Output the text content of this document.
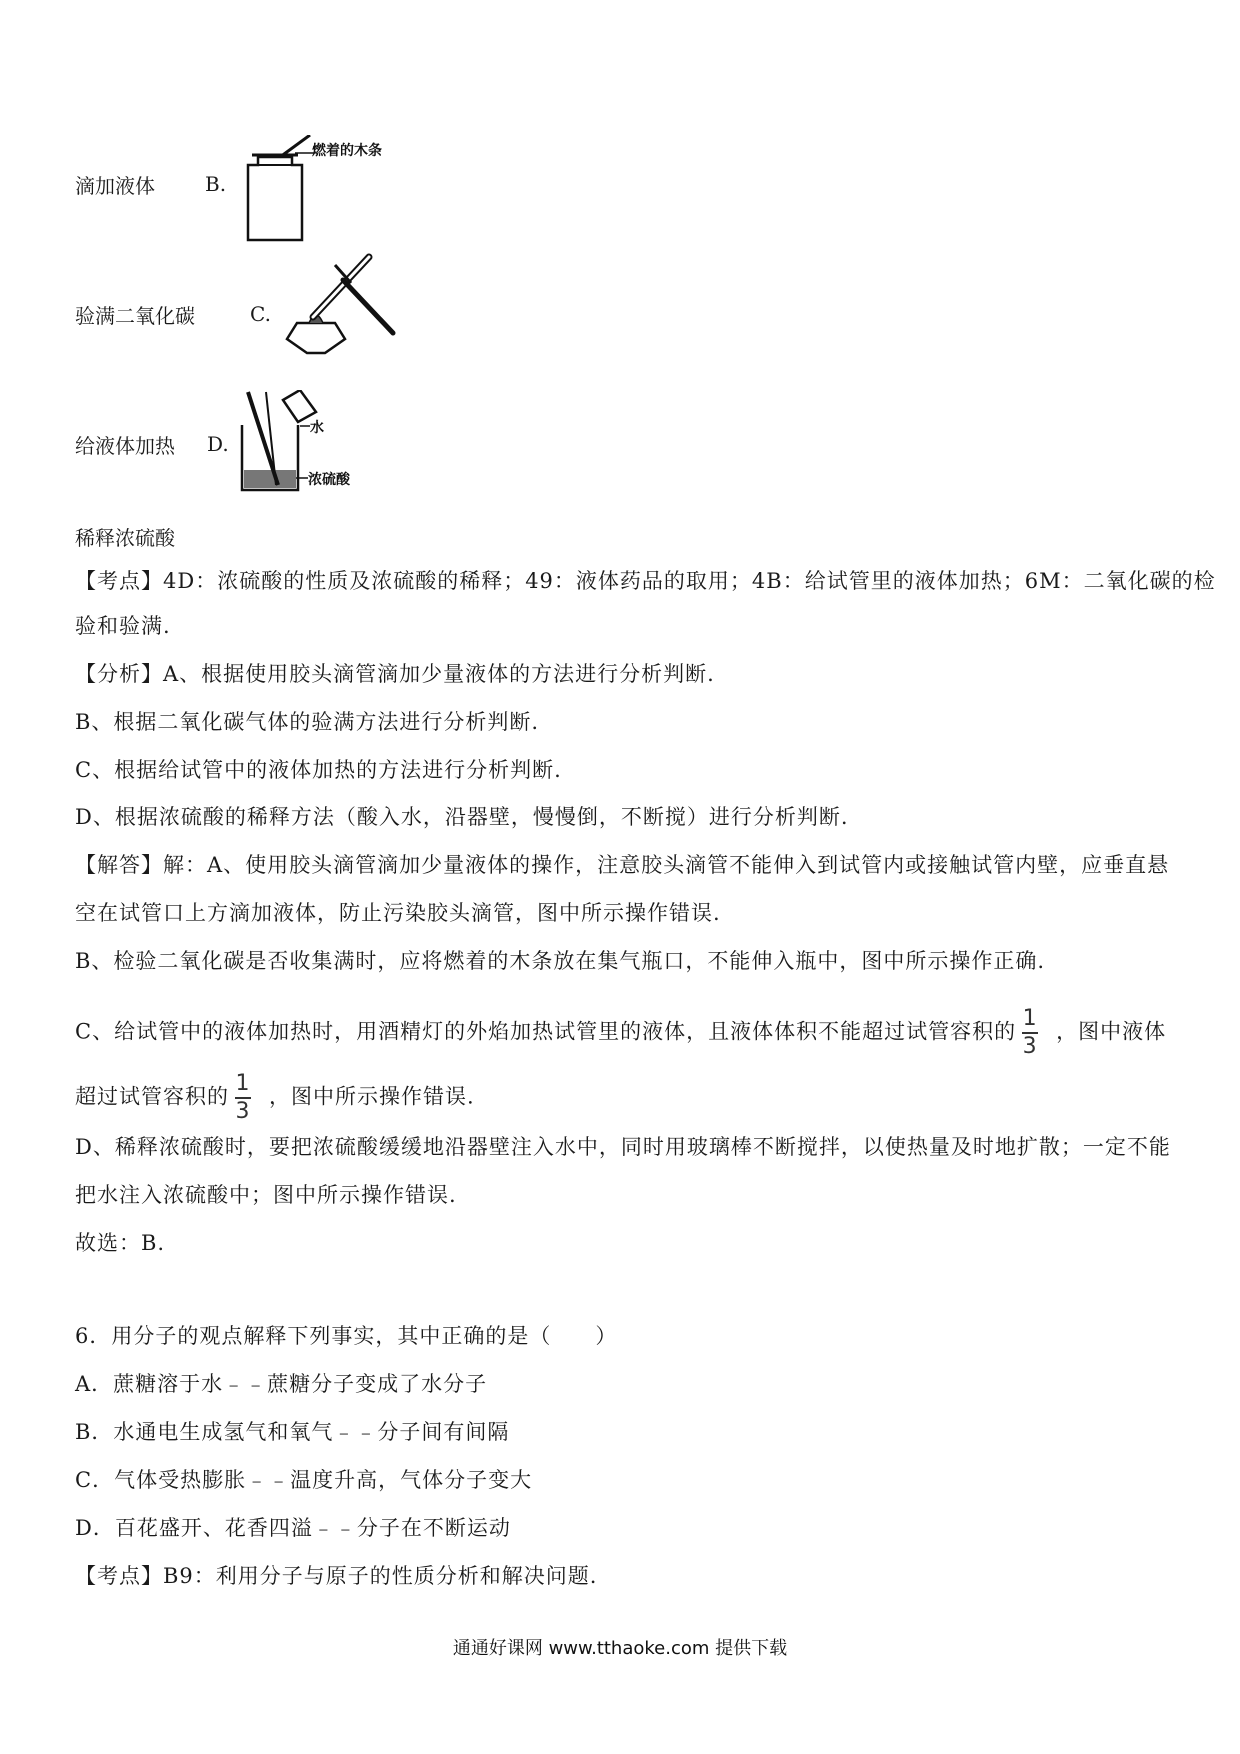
滴加液体	B.
燃着的木条
验满二氧化碳	C.
给液体加热 D.
水
浓硫酸
稀释浓硫酸
【考点】4D：浓硫酸的性质及浓硫酸的稀释；49：液体药品的取用；4B：给试管里的液体加热；6M：二氧化碳的检
验和验满.
【分析】A、根据使用胶头滴管滴加少量液体的方法进行分析判断.
B、根据二氧化碳气体的验满方法进行分析判断.
C、根据给试管中的液体加热的方法进行分析判断.
D、根据浓硫酸的稀释方法（酸入水，沿器壁，慢慢倒，不断搅）进行分析判断.
【解答】解：A、使用胶头滴管滴加少量液体的操作，注意胶头滴管不能伸入到试管内或接触试管内壁，应垂直悬
空在试管口上方滴加液体，防止污染胶头滴管，图中所示操作错误.
B、检验二氧化碳是否收集满时，应将燃着的木条放在集气瓶口，不能伸入瓶中，图中所示操作正确.
C、给试管中的液体加热时，用酒精灯的外焰加热试管里的液体，且液体体积不能超过试管容积的 $\frac{1}{3}$ ，图中液体
超过试管容积的 $\frac{1}{3}$ ，图中所示操作错误.
D、稀释浓硫酸时，要把浓硫酸缓缓地沿器壁注入水中，同时用玻璃棒不断搅拌，以使热量及时地扩散；一定不能
把水注入浓硫酸中；图中所示操作错误.
故选：B.
6．用分子的观点解释下列事实，其中正确的是（　　）
A．蔗糖溶于水﹣﹣蔗糖分子变成了水分子
B．水通电生成氢气和氧气﹣﹣分子间有间隔
C．气体受热膨胀﹣﹣温度升高，气体分子变大
D．百花盛开、花香四溢﹣﹣分子在不断运动
【考点】B9：利用分子与原子的性质分析和解决问题.
通通好课网 www.tthaoke.com 提供下载
